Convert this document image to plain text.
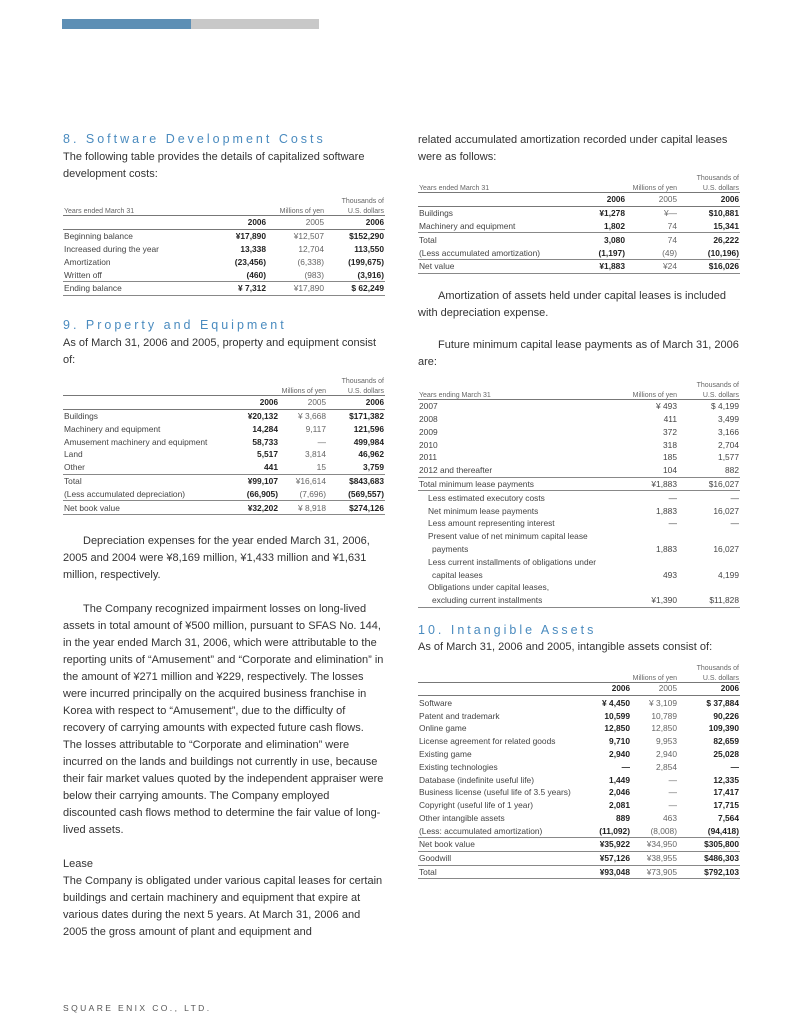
8. Software Development Costs

The following table provides the details of capitalized software development costs:

			Thousands of
Years ended March 31		Millions of yen	U.S. dollars
	2006	2005	2006
Beginning balance	¥17,890	¥12,507	$152,290
Increased during the year	13,338	12,704	113,550
Amortization	(23,456)	(6,338)	(199,675)
Written off	(460)	(983)	(3,916)
Ending balance	¥ 7,312	¥17,890	$ 62,249
9. Property and Equipment

As of March 31, 2006 and 2005, property and equipment consist of:

			Thousands of
		Millions of yen	U.S. dollars
	2006	2005	2006
Buildings	¥20,132	¥ 3,668	$171,382
Machinery and equipment	14,284	9,117	121,596
Amusement machinery and equipment	58,733	—	499,984
Land	5,517	3,814	46,962
Other	441	15	3,759
Total	¥99,107	¥16,614	$843,683
(Less accumulated depreciation)	(66,905)	(7,696)	(569,557)
Net book value	¥32,202	¥ 8,918	$274,126

Depreciation expenses for the year ended March 31, 2006, 2005 and 2004 were ¥8,169 million, ¥1,433 million and ¥1,631 million, respectively.

The Company recognized impairment losses on long-lived assets in total amount of ¥500 million, pursuant to SFAS No. 144, in the year ended March 31, 2006, which were attributable to the reporting units of “Amusement” and “Corporate and elimination” in the amount of ¥271 million and ¥229, respectively. The losses were incurred principally on the acquired business franchise in Korea with respect to “Amusement”, due to the difficulty of recovery of carrying amounts with expected future cash flows. The losses attributable to “Corporate and elimination” were incurred on the lands and buildings not currently in use, because their fair market values quoted by the independent appraiser were below their carrying amounts. The Company employed discounted cash flows method to determine the fair value of long-lived assets.

Lease

The Company is obligated under various capital leases for certain buildings and certain machinery and equipment that expire at various dates during the next 5 years. At March 31, 2006 and 2005 the gross amount of plant and equipment and

related accumulated amortization recorded under capital leases were as follows:

			Thousands of
Years ended March 31		Millions of yen	U.S. dollars
	2006	2005	2006
Buildings	¥1,278	¥—	$10,881
Machinery and equipment	1,802	74	15,341
Total	3,080	74	26,222
(Less accumulated amortization)	(1,197)	(49)	(10,196)
Net value	¥1,883	¥24	$16,026

Amortization of assets held under capital leases is included with depreciation expense.

Future minimum capital lease payments as of March 31, 2006 are:

		Thousands of
Years ending March 31	Millions of yen	U.S. dollars
2007	¥ 493	$ 4,199
2008	411	3,499
2009	372	3,166
2010	318	2,704
2011	185	1,577
2012 and thereafter	104	882
Total minimum lease payments	¥1,883	$16,027
Less estimated executory costs	—	—
Net minimum lease payments	1,883	16,027
Less amount representing interest	—	—
Present value of net minimum capital lease		
payments	1,883	16,027
Less current installments of obligations under		
capital leases	493	4,199
Obligations under capital leases,		
excluding current installments	¥1,390	$11,828
10. Intangible Assets

As of March 31, 2006 and 2005, intangible assets consist of:

			Thousands of
		Millions of yen	U.S. dollars
	2006	2005	2006
Software	¥ 4,450	¥ 3,109	$ 37,884
Patent and trademark	10,599	10,789	90,226
Online game	12,850	12,850	109,390
License agreement for related goods	9,710	9,953	82,659
Existing game	2,940	2,940	25,028
Existing technologies	—	2,854	—
Database (indefinite useful life)	1,449	—	12,335
Business license (useful life of 3.5 years)	2,046	—	17,417
Copyright (useful life of 1 year)	2,081	—	17,715
Other intangible assets	889	463	7,564
(Less: accumulated amortization)	(11,092)	(8,008)	(94,418)
Net book value	¥35,922	¥34,950	$305,800
Goodwill	¥57,126	¥38,955	$486,303
Total	¥93,048	¥73,905	$792,103
SQUARE ENIX CO., LTD.
